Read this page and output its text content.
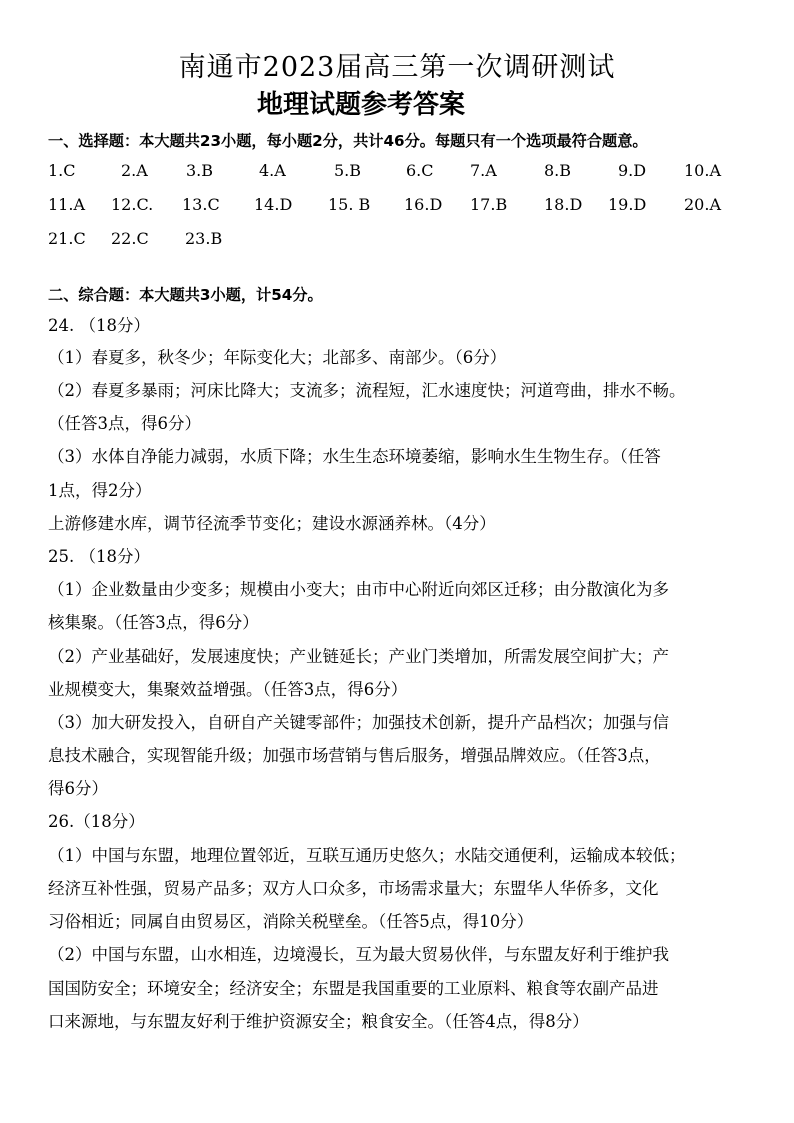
南通市2023届高三第一次调研测试
地理试题参考答案
一、选择题：本大题共23小题，每小题2分，共计46分。每题只有一个选项最符合题意。
1.C	2.A 3.B	4.A	5.B	6.C 7.A	8.B	9.D 10.A
11.A 12.C. 13.C 14.D 15. B 16.D 17.B 18.D 19.D 20.A
21.C 22.C 23.B
二、综合题：本大题共3小题，计54分。
24. （18分）
（1）春夏多，秋冬少；年际变化大；北部多、南部少。（6分）
（2）春夏多暴雨；河床比降大；支流多；流程短，汇水速度快；河道弯曲，排水不畅。
（任答3点，得6分）
（3）水体自净能力减弱，水质下降；水生生态环境萎缩，影响水生生物生存。（任答
1点，得2分）
上游修建水库，调节径流季节变化；建设水源涵养林。（4分）
25. （18分）
（1）企业数量由少变多；规模由小变大；由市中心附近向郊区迁移；由分散演化为多
核集聚。（任答3点，得6分）
（2）产业基础好，发展速度快；产业链延长；产业门类增加，所需发展空间扩大；产
业规模变大，集聚效益增强。（任答3点，得6分）
（3）加大研发投入，自研自产关键零部件；加强技术创新，提升产品档次；加强与信
息技术融合，实现智能升级；加强市场营销与售后服务，增强品牌效应。（任答3点，
得6分）
26.（18分）
（1）中国与东盟，地理位置邻近，互联互通历史悠久；水陆交通便利，运输成本较低；
经济互补性强，贸易产品多；双方人口众多，市场需求量大；东盟华人华侨多，文化
习俗相近；同属自由贸易区，消除关税壁垒。（任答5点，得10分）
（2）中国与东盟，山水相连，边境漫长，互为最大贸易伙伴，与东盟友好利于维护我
国国防安全；环境安全；经济安全；东盟是我国重要的工业原料、粮食等农副产品进
口来源地，与东盟友好利于维护资源安全；粮食安全。（任答4点，得8分）
